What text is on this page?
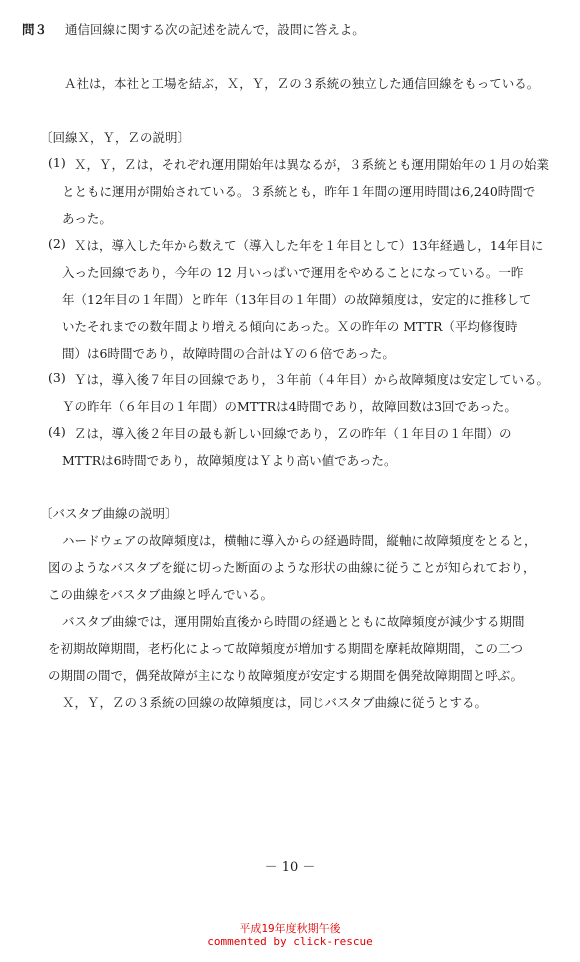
問３ 通信回線に関する次の記述を読んで，設問に答えよ。
Ａ社は，本社と工場を結ぶ，Ｘ，Ｙ，Ｚの３系統の独立した通信回線をもっている。
〔回線Ｘ，Ｙ，Ｚの説明〕
(1) Ｘ，Ｙ，Ｚは，それぞれ運用開始年は異なるが，３系統とも運用開始年の１月の始業
とともに運用が開始されている。３系統とも，昨年１年間の運用時間は6,240時間で
あった。
(2) Ｘは，導入した年から数えて（導入した年を１年目として）13年経過し，14年目に
入った回線であり，今年の 12 月いっぱいで運用をやめることになっている。一昨
年（12年目の１年間）と昨年（13年目の１年間）の故障頻度は，安定的に推移して
いたそれまでの数年間より増える傾向にあった。Ｘの昨年の MTTR（平均修復時
間）は6時間であり，故障時間の合計はＹの６倍であった。
(3) Ｙは，導入後７年目の回線であり，３年前（４年目）から故障頻度は安定している。
Ｙの昨年（６年目の１年間）のMTTRは4時間であり，故障回数は3回であった。
(4) Ｚは，導入後２年目の最も新しい回線であり，Ｚの昨年（１年目の１年間）の
MTTRは6時間であり，故障頻度はＹより高い値であった。
〔バスタブ曲線の説明〕
ハードウェアの故障頻度は，横軸に導入からの経過時間，縦軸に故障頻度をとると，
図のようなバスタブを縦に切った断面のような形状の曲線に従うことが知られており，
この曲線をバスタブ曲線と呼んでいる。
バスタブ曲線では，運用開始直後から時間の経過とともに故障頻度が減少する期間
を初期故障期間，老朽化によって故障頻度が増加する期間を摩耗故障期間，この二つ
の期間の間で，偶発故障が主になり故障頻度が安定する期間を偶発故障期間と呼ぶ。
Ｘ，Ｙ，Ｚの３系統の回線の故障頻度は，同じバスタブ曲線に従うとする。
－ 10 －
平成19年度秋期午後
commented by click-rescue
